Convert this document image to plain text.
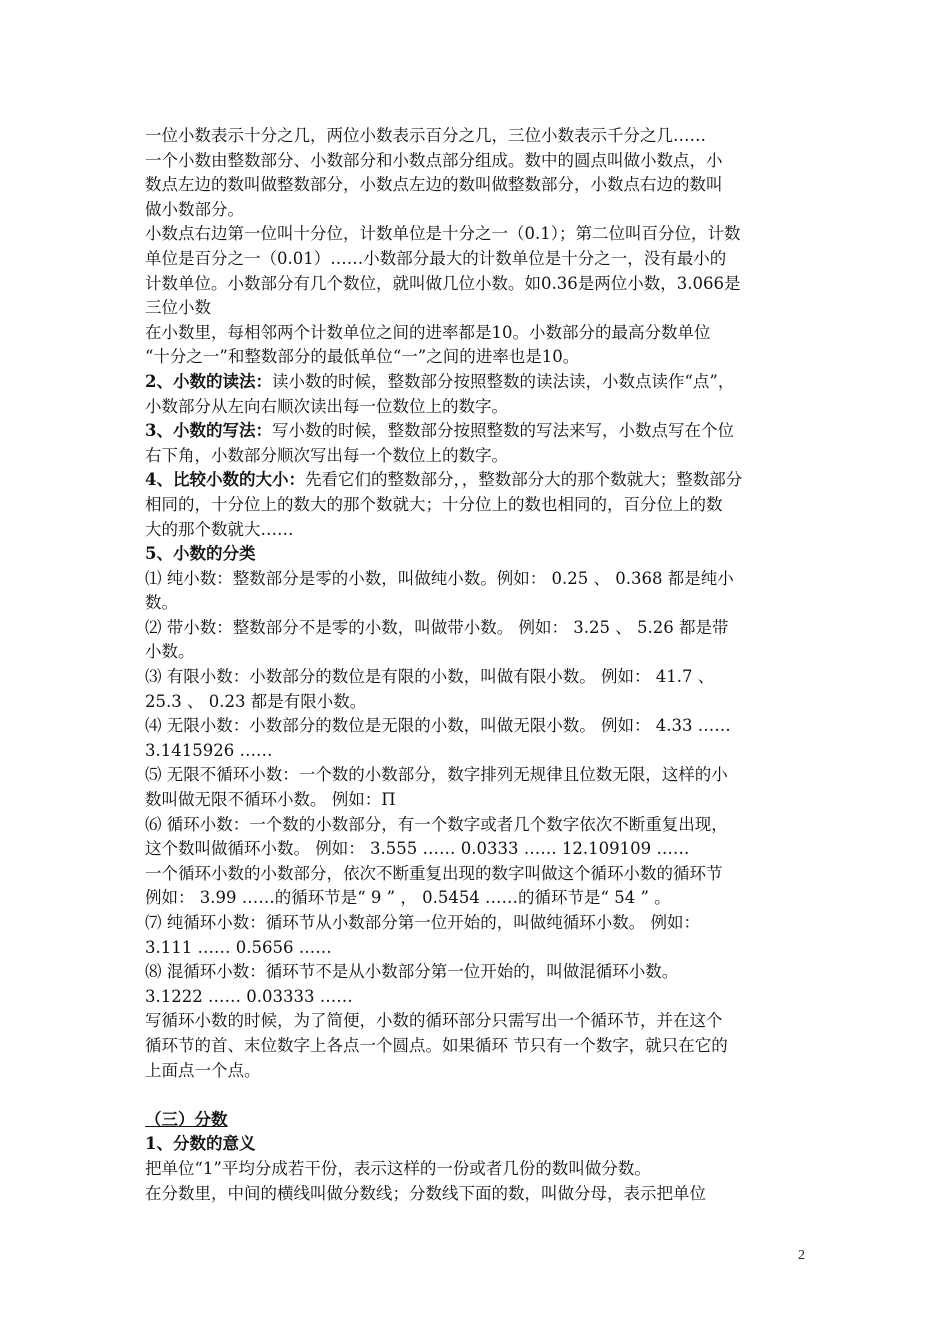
一位小数表示十分之几，两位小数表示百分之几，三位小数表示千分之几……
一个小数由整数部分、小数部分和小数点部分组成。数中的圆点叫做小数点，小
数点左边的数叫做整数部分，小数点左边的数叫做整数部分，小数点右边的数叫
做小数部分。
小数点右边第一位叫十分位，计数单位是十分之一（0.1）；第二位叫百分位，计数
单位是百分之一（0.01）……小数部分最大的计数单位是十分之一，没有最小的
计数单位。小数部分有几个数位，就叫做几位小数。如0.36是两位小数，3.066是
三位小数
在小数里，每相邻两个计数单位之间的进率都是10。小数部分的最高分数单位
“十分之一”和整数部分的最低单位“一”之间的进率也是10。
2、小数的读法：读小数的时候，整数部分按照整数的读法读，小数点读作“点”，
小数部分从左向右顺次读出每一位数位上的数字。
3、小数的写法：写小数的时候，整数部分按照整数的写法来写，小数点写在个位
右下角，小数部分顺次写出每一个数位上的数字。
4、比较小数的大小：先看它们的整数部分，，整数部分大的那个数就大；整数部分
相同的，十分位上的数大的那个数就大；十分位上的数也相同的，百分位上的数
大的那个数就大……
5、小数的分类
⑴ 纯小数：整数部分是零的小数，叫做纯小数。例如： 0.25 、 0.368 都是纯小
数。
⑵ 带小数：整数部分不是零的小数，叫做带小数。 例如： 3.25 、 5.26 都是带
小数。
⑶ 有限小数：小数部分的数位是有限的小数，叫做有限小数。 例如： 41.7 、
25.3 、 0.23 都是有限小数。
⑷ 无限小数：小数部分的数位是无限的小数，叫做无限小数。 例如： 4.33 ……
3.1415926 ……
⑸ 无限不循环小数：一个数的小数部分，数字排列无规律且位数无限，这样的小
数叫做无限不循环小数。 例如：Π
⑹ 循环小数：一个数的小数部分，有一个数字或者几个数字依次不断重复出现，
这个数叫做循环小数。 例如： 3.555 …… 0.0333 …… 12.109109 ……
一个循环小数的小数部分，依次不断重复出现的数字叫做这个循环小数的循环节
例如： 3.99 ……的循环节是“ 9 ” ， 0.5454 ……的循环节是“ 54 ” 。
⑺ 纯循环小数：循环节从小数部分第一位开始的，叫做纯循环小数。 例如：
3.111 …… 0.5656 ……
⑻ 混循环小数：循环节不是从小数部分第一位开始的，叫做混循环小数。
3.1222 …… 0.03333 ……
写循环小数的时候，为了简便，小数的循环部分只需写出一个循环节，并在这个
循环节的首、末位数字上各点一个圆点。如果循环 节只有一个数字，就只在它的
上面点一个点。
（三）分数
1、分数的意义
把单位“1”平均分成若干份，表示这样的一份或者几份的数叫做分数。
在分数里，中间的横线叫做分数线；分数线下面的数，叫做分母，表示把单位
2
